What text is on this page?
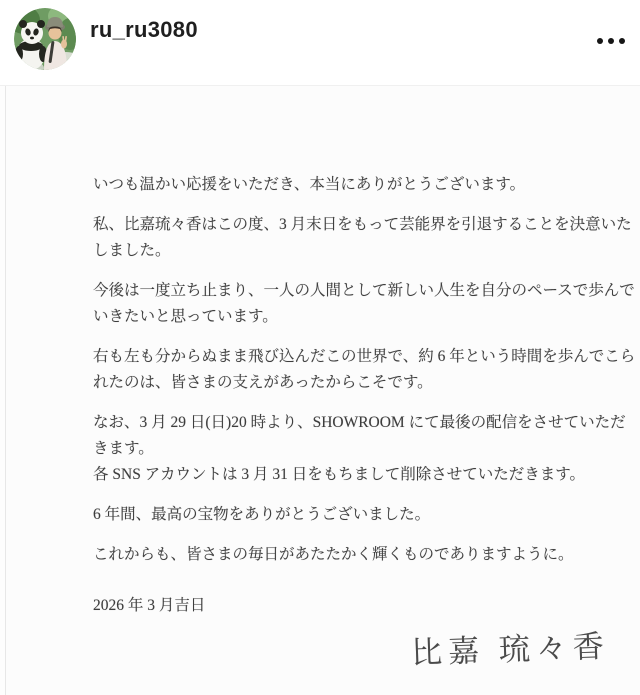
ru_ru3080
いつも温かい応援をいただき、本当にありがとうございます。
私、比嘉琉々香はこの度、3 月末日をもって芸能界を引退することを決意いた
しました。
今後は一度立ち止まり、一人の人間として新しい人生を自分のペースで歩んで
いきたいと思っています。
右も左も分からぬまま飛び込んだこの世界で、約 6 年という時間を歩んでこら
れたのは、皆さまの支えがあったからこそです。
なお、3 月 29 日(日)20 時より、SHOWROOM にて最後の配信をさせていただ
きます。
各 SNS アカウントは 3 月 31 日をもちまして削除させていただきます。
6 年間、最高の宝物をありがとうございました。
これからも、皆さまの毎日があたたかく輝くものでありますように。
2026 年 3 月吉日
比嘉 琉々香
